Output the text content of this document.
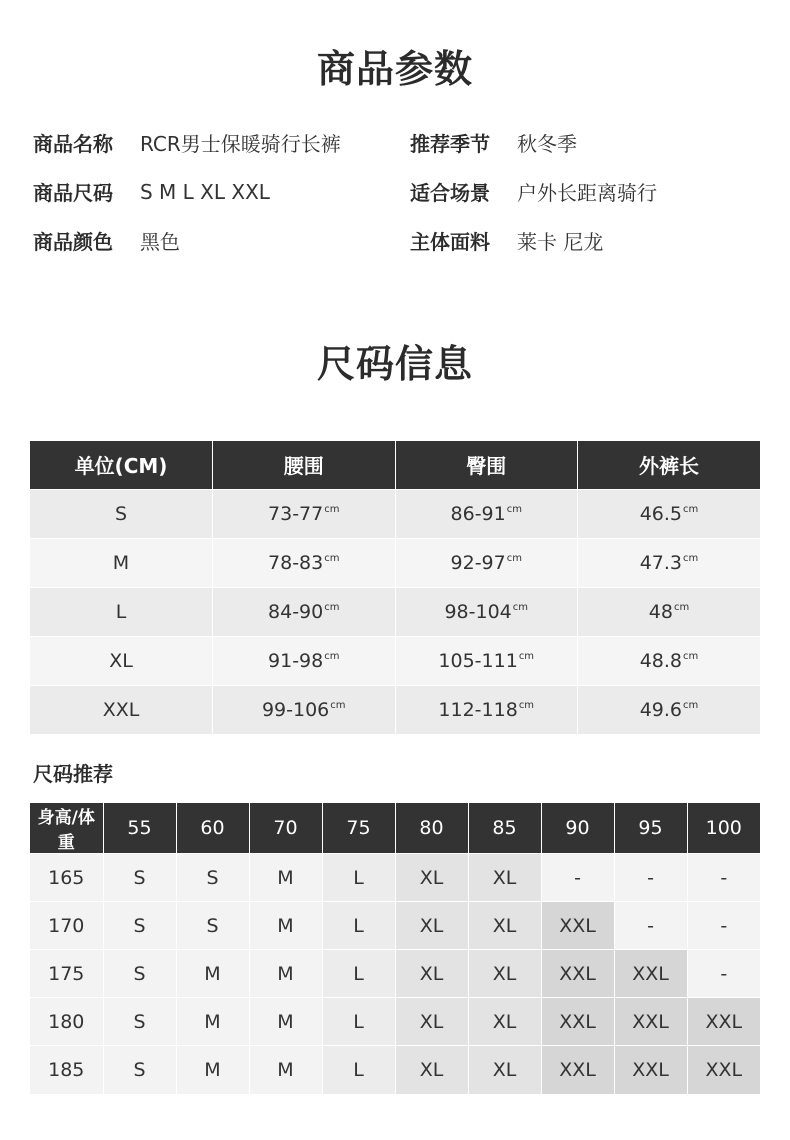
商品参数
商品名称	RCR男士保暖骑行长裤	推荐季节	秋冬季
商品尺码	S M L XL XXL	适合场景	户外长距离骑行
商品颜色	黑色	主体面料	莱卡 尼龙
尺码信息
单位(CM)	腰围	臀围	外裤长
S	$73-77^{cm}$	$86-91^{cm}$	$46.5^{cm}$
M	$78-83^{cm}$	$92-97^{cm}$	$47.3^{cm}$
L	$84-90^{cm}$	$98-104^{cm}$	$48^{cm}$
XL	$91-98^{cm}$	$105-111^{cm}$	$48.8^{cm}$
XXL	$99-106^{cm}$	$112-118^{cm}$	$49.6^{cm}$
尺码推荐
身高/体重	55	60	70	75	80	85	90	95	100
165	S	S	M	L	XL	XL	-	-	-
170	S	S	M	L	XL	XL	XXL	-	-
175	S	M	M	L	XL	XL	XXL	XXL	-
180	S	M	M	L	XL	XL	XXL	XXL	XXL
185	S	M	M	L	XL	XL	XXL	XXL	XXL
